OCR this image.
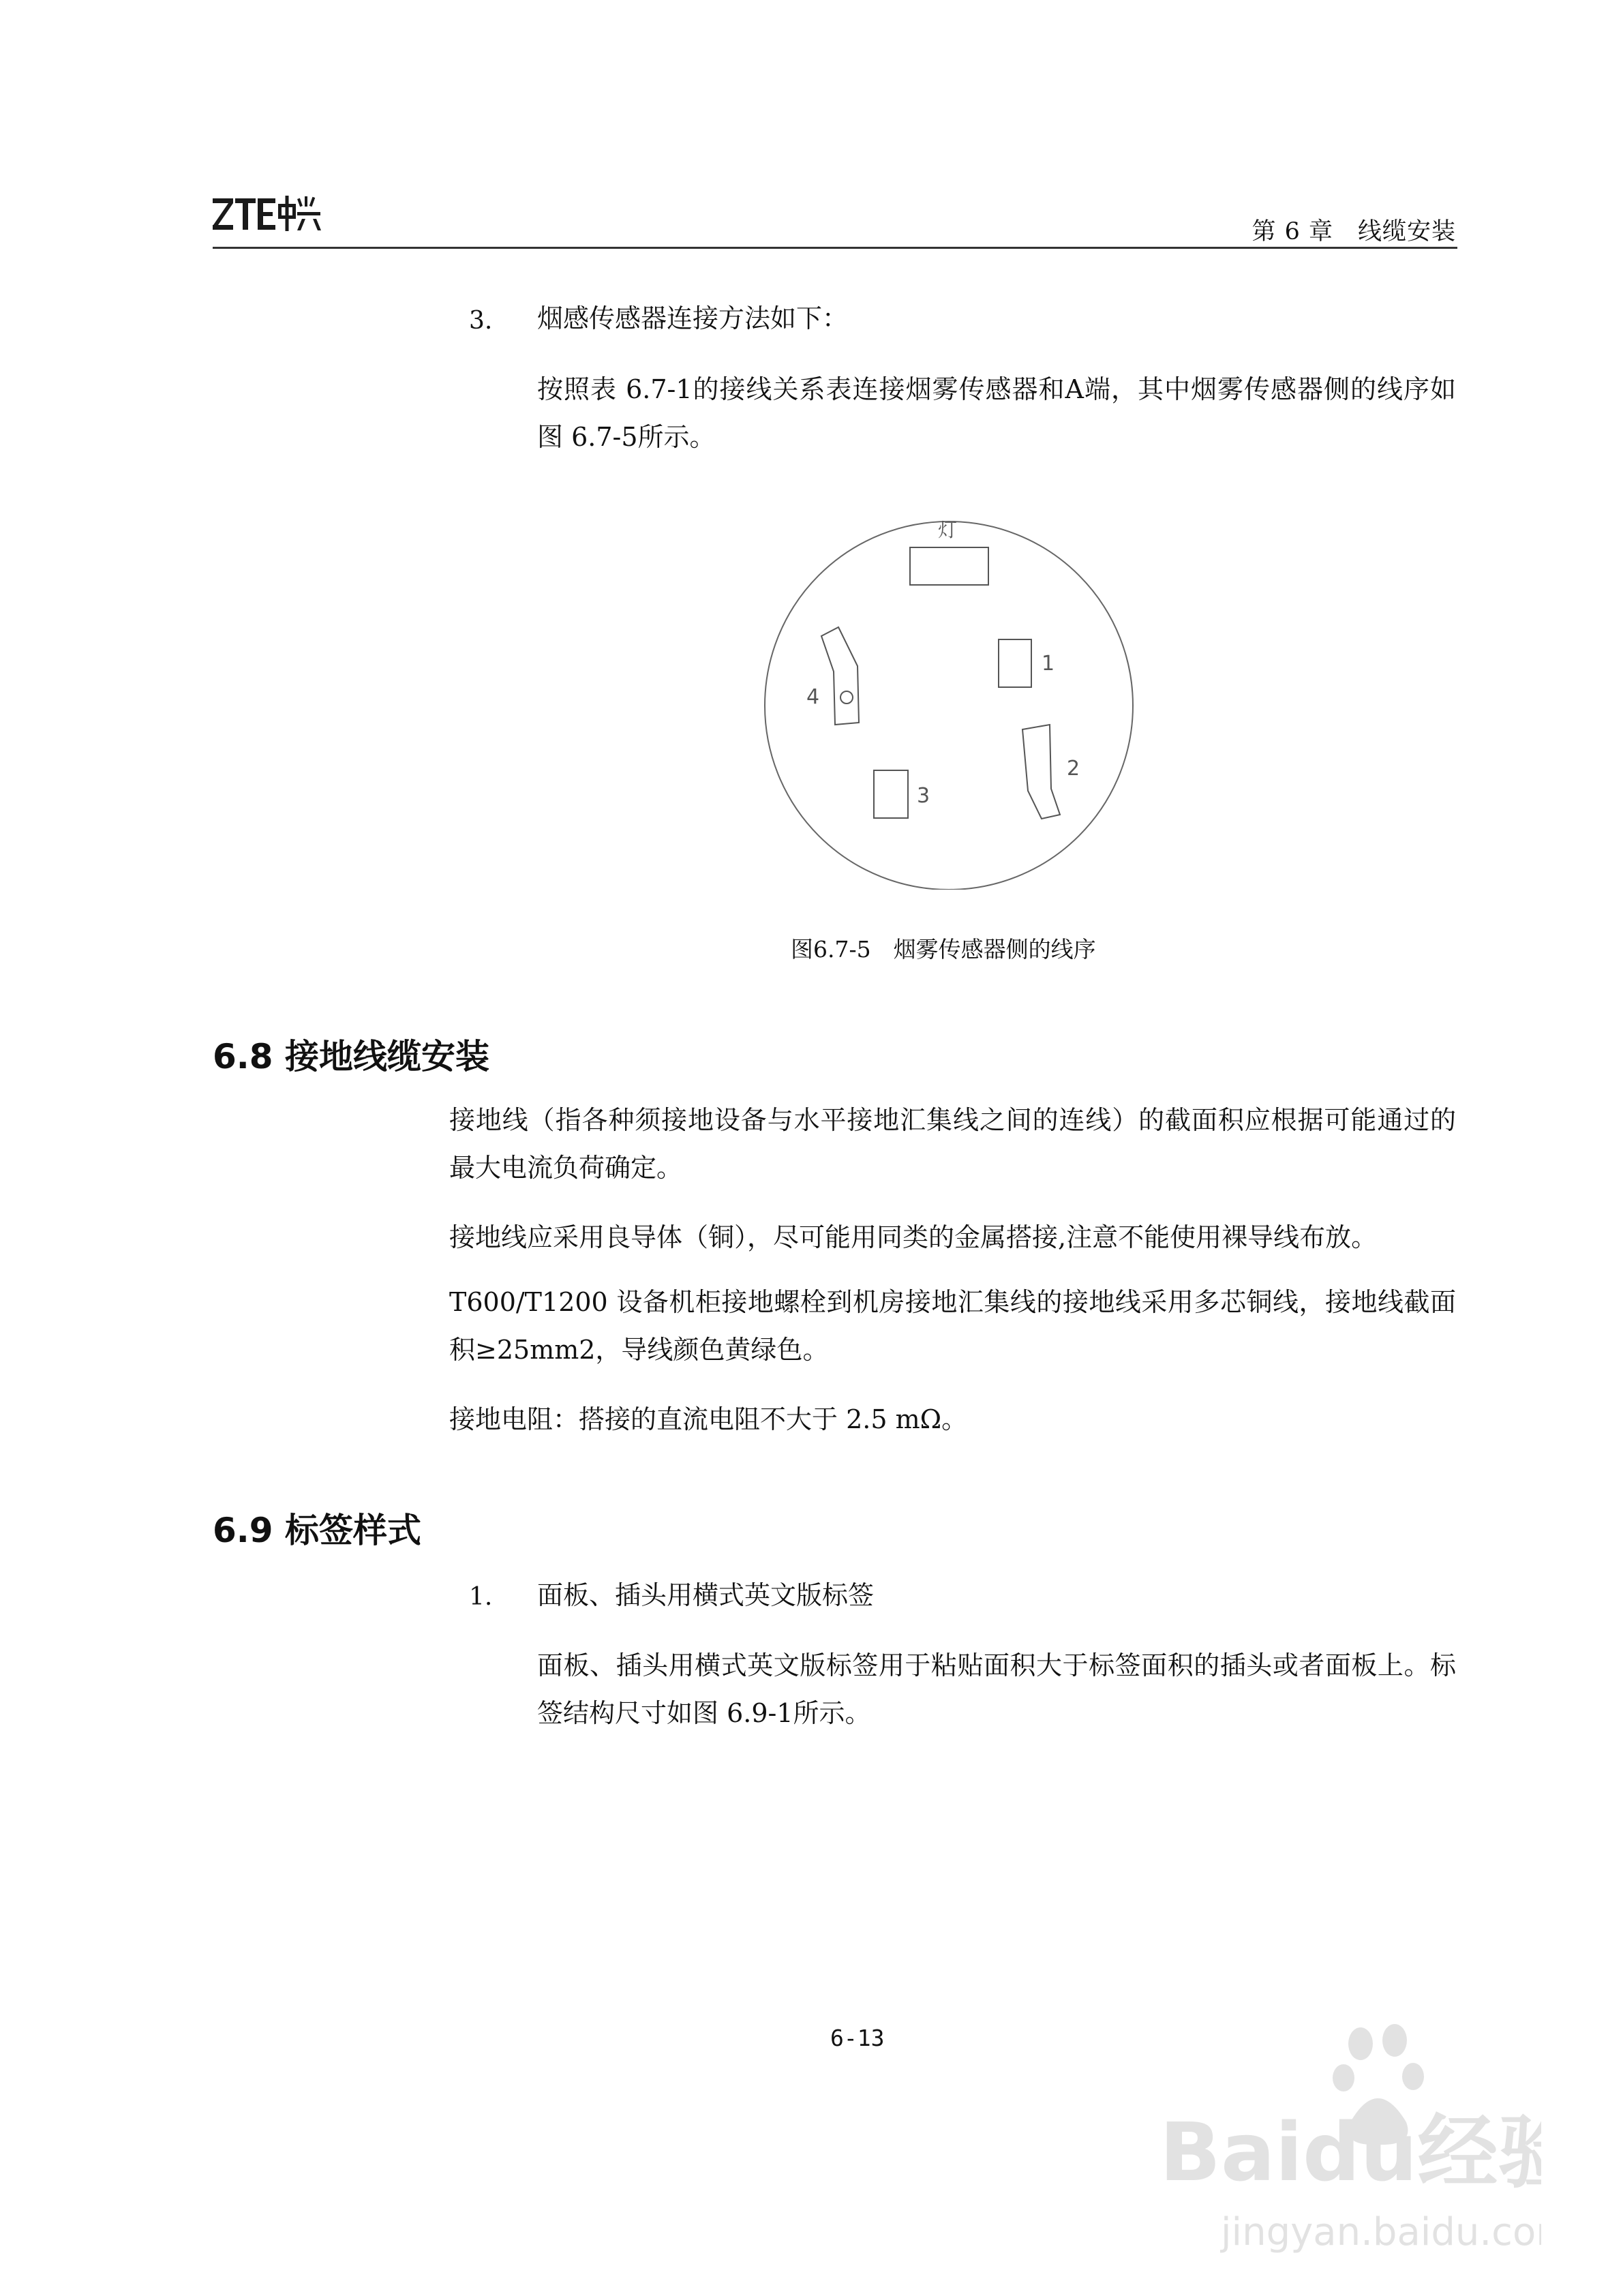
第 6 章　线缆安装
3. 烟感传感器连接方法如下：
按照表 6.7-1的接线关系表连接烟雾传感器和A端，其中烟雾传感器侧的线序如图 6.7-5所示。
灯
1
2
3
4
图6.7-5　烟雾传感器侧的线序
6.8 接地线缆安装
接地线（指各种须接地设备与水平接地汇集线之间的连线）的截面积应根据可能通过的最大电流负荷确定。
接地线应采用良导体（铜），尽可能用同类的金属搭接,注意不能使用裸导线布放。
T600/T1200 设备机柜接地螺栓到机房接地汇集线的接地线采用多芯铜线，接地线截面积≥25mm2，导线颜色黄绿色。
接地电阻：搭接的直流电阻不大于 2.5 mΩ。
6.9 标签样式
1. 面板、插头用横式英文版标签
面板、插头用横式英文版标签用于粘贴面积大于标签面积的插头或者面板上。标签结构尺寸如图 6.9-1所示。
6-13
Baidu经验
jingyan.baidu.com
